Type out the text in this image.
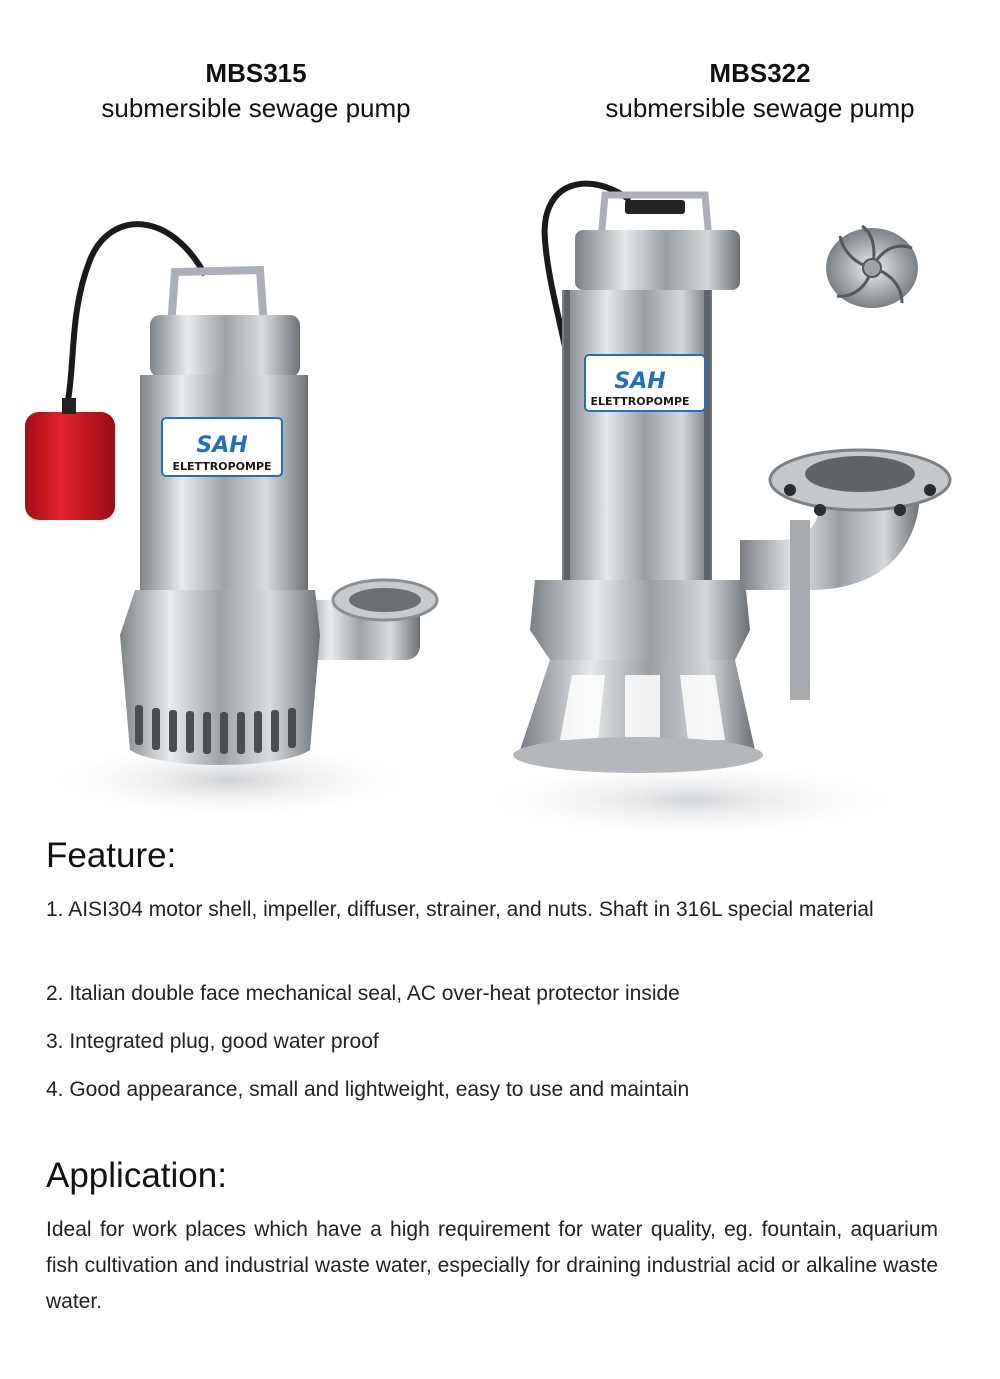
MBS315
submersible sewage pump
MBS322
submersible sewage pump
SAH
ELETTROPOMPE
SAH
ELETTROPOMPE
Feature:

1. AISI304 motor shell, impeller, diffuser, strainer, and nuts. Shaft in 316L special material

2. Italian double face mechanical seal, AC over-heat protector inside

3. Integrated plug, good water proof

4. Good appearance, small and lightweight, easy to use and maintain

Application:

Ideal for work places which have a high requirement for water quality, eg. fountain, aquarium fish cultivation and industrial waste water, especially for draining industrial acid or alkaline waste water.
